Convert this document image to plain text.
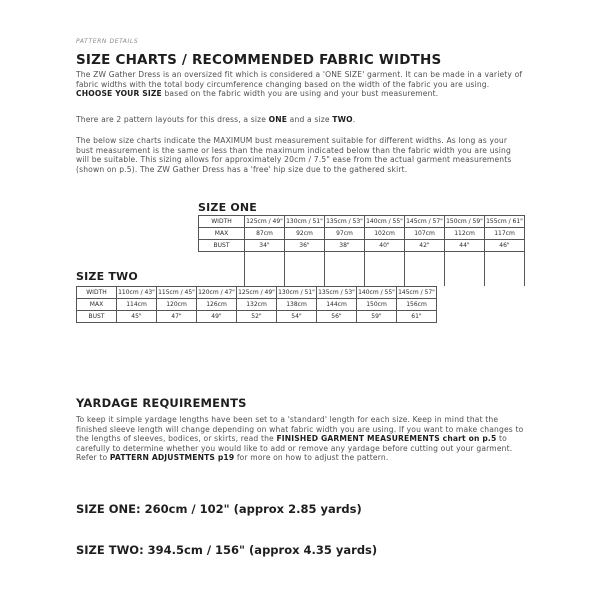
PATTERN DETAILS
SIZE CHARTS / RECOMMENDED FABRIC WIDTHS

The ZW Gather Dress is an oversized fit which is considered a 'ONE SIZE' garment. It can be made in a variety of fabric widths with the total body circumference changing based on the width of the fabric you are using. CHOOSE YOUR SIZE based on the fabric width you are using and your bust measurement.

There are 2 pattern layouts for this dress, a size ONE and a size TWO.

The below size charts indicate the MAXIMUM bust measurement suitable for different widths. As long as your bust measurement is the same or less than the maximum indicated below than the fabric width you are using will be suitable. This sizing allows for approximately 20cm / 7.5" ease from the actual garment measurements (shown on p.5). The ZW Gather Dress has a 'free' hip size due to the gathered skirt.

SIZE ONE
WIDTH	125cm / 49"	130cm / 51"	135cm / 53"	140cm / 55"	145cm / 57"	150cm / 59"	155cm / 61"
MAX	87cm	92cm	97cm	102cm	107cm	112cm	117cm
BUST	34"	36"	38"	40"	42"	44"	46"
SIZE TWO
WIDTH	110cm / 43"	115cm / 45"	120cm / 47"	125cm / 49"	130cm / 51"	135cm / 53"	140cm / 55"	145cm / 57"
MAX	114cm	120cm	126cm	132cm	138cm	144cm	150cm	156cm
BUST	45"	47"	49"	52"	54"	56"	59"	61"
YARDAGE REQUIREMENTS

To keep it simple yardage lengths have been set to a 'standard' length for each size. Keep in mind that the finished sleeve length will change depending on what fabric width you are using. If you want to make changes to the lengths of sleeves, bodices, or skirts, read the FINISHED GARMENT MEASUREMENTS chart on p.5 to carefully to determine whether you would like to add or remove any yardage before cutting out your garment. Refer to PATTERN ADJUSTMENTS p19 for more on how to adjust the pattern.

SIZE ONE: 260cm / 102" (approx 2.85 yards)
SIZE TWO: 394.5cm / 156" (approx 4.35 yards)
